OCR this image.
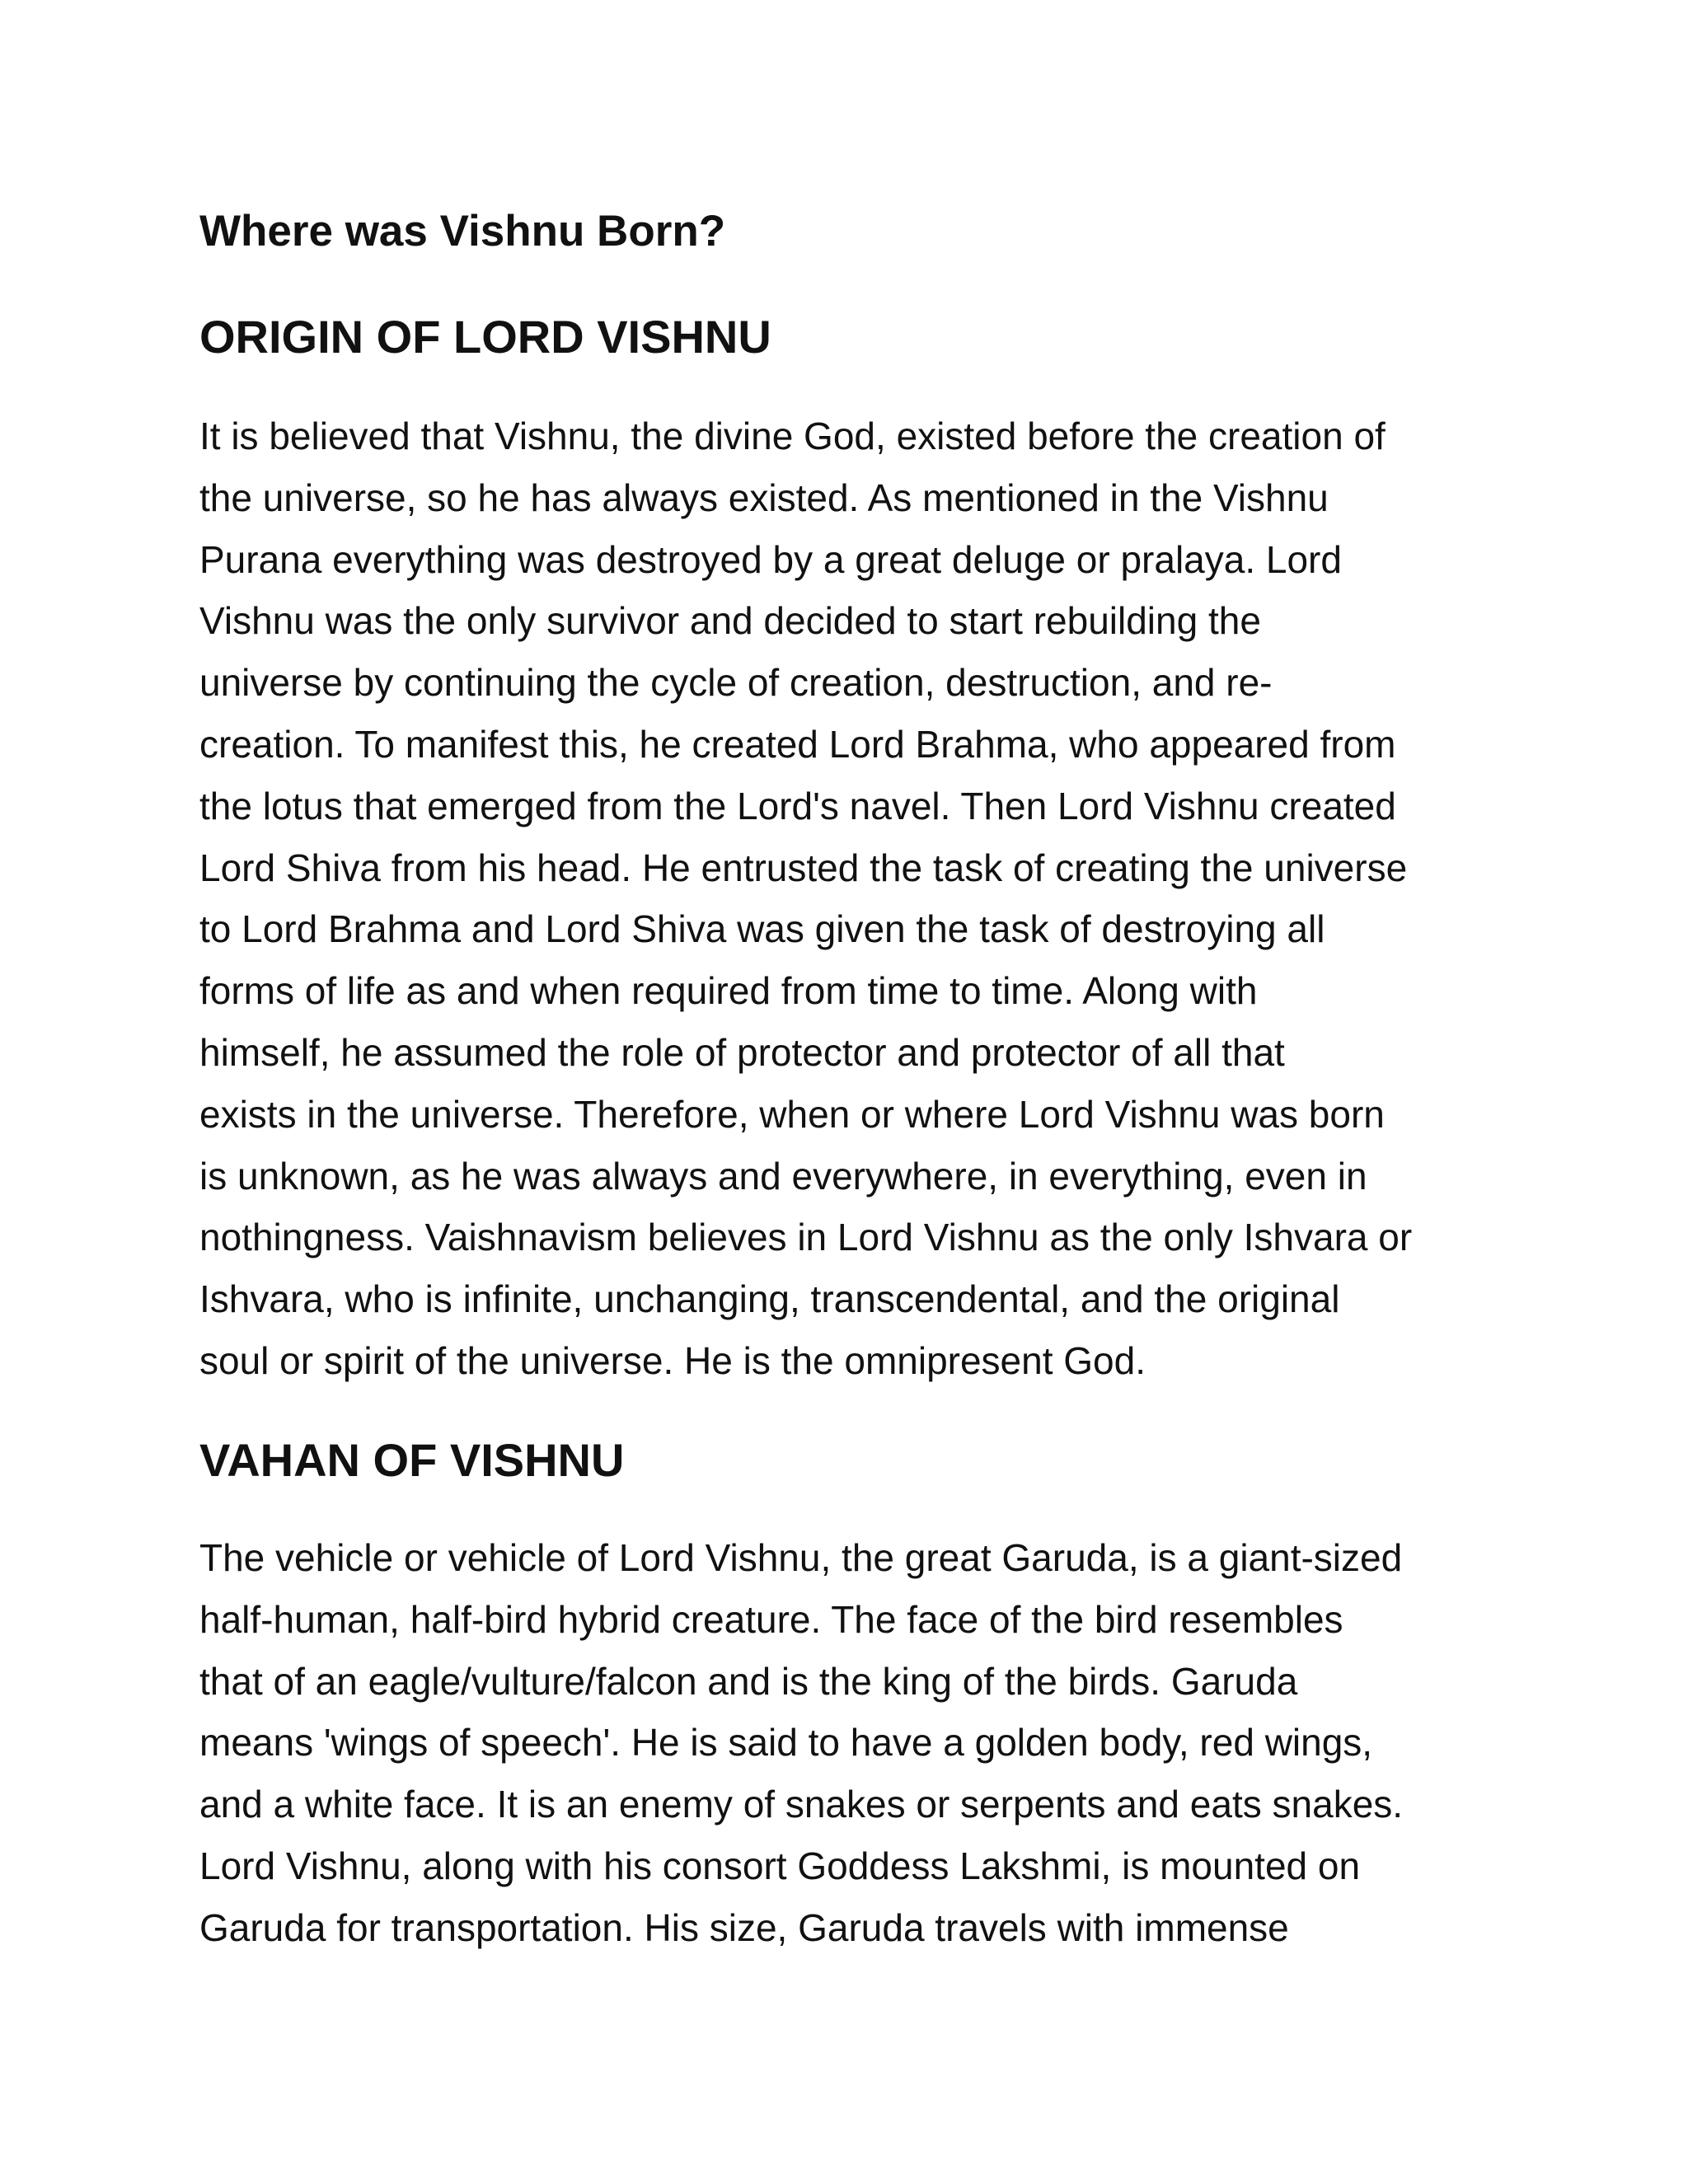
Where was Vishnu Born?
ORIGIN OF LORD VISHNU
It is believed that Vishnu, the divine God, existed before the creation of
the universe, so he has always existed. As mentioned in the Vishnu
Purana everything was destroyed by a great deluge or pralaya. Lord
Vishnu was the only survivor and decided to start rebuilding the
universe by continuing the cycle of creation, destruction, and re-
creation. To manifest this, he created Lord Brahma, who appeared from
the lotus that emerged from the Lord's navel. Then Lord Vishnu created
Lord Shiva from his head. He entrusted the task of creating the universe
to Lord Brahma and Lord Shiva was given the task of destroying all
forms of life as and when required from time to time. Along with
himself, he assumed the role of protector and protector of all that
exists in the universe. Therefore, when or where Lord Vishnu was born
is unknown, as he was always and everywhere, in everything, even in
nothingness. Vaishnavism believes in Lord Vishnu as the only Ishvara or
Ishvara, who is infinite, unchanging, transcendental, and the original
soul or spirit of the universe. He is the omnipresent God.
VAHAN OF VISHNU
The vehicle or vehicle of Lord Vishnu, the great Garuda, is a giant-sized
half-human, half-bird hybrid creature. The face of the bird resembles
that of an eagle/vulture/falcon and is the king of the birds. Garuda
means 'wings of speech'. He is said to have a golden body, red wings,
and a white face. It is an enemy of snakes or serpents and eats snakes.
Lord Vishnu, along with his consort Goddess Lakshmi, is mounted on
Garuda for transportation. His size, Garuda travels with immense
